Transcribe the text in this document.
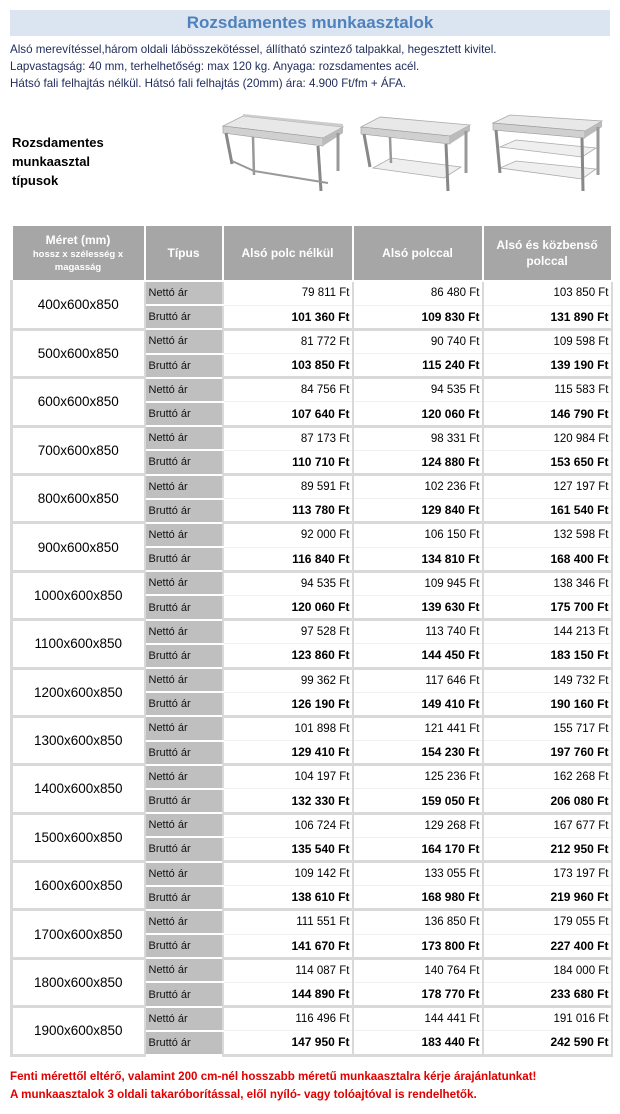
Rozsdamentes munkaasztalok
Alsó merevítéssel,három oldali lábösszekötéssel, állítható szintező talpakkal, hegesztett kivitel.
Lapvastagság: 40 mm, terhelhetőség: max 120 kg. Anyaga: rozsdamentes acél.
Hátsó fali felhajtás nélkül. Hátsó fali felhajtás (20mm) ára: 4.900 Ft/fm + ÁFA.
Rozsdamentes
munkaasztal
típusok
Méret (mm)
hossz x szélesség x magasság	Típus	Alsó polc nélkül	Alsó polccal	Alsó és közbenső polccal
400x600x850	Nettó ár	79 811 Ft	86 480 Ft	103 850 Ft
	Bruttó ár	101 360 Ft	109 830 Ft	131 890 Ft
500x600x850	Nettó ár	81 772 Ft	90 740 Ft	109 598 Ft
	Bruttó ár	103 850 Ft	115 240 Ft	139 190 Ft
600x600x850	Nettó ár	84 756 Ft	94 535 Ft	115 583 Ft
	Bruttó ár	107 640 Ft	120 060 Ft	146 790 Ft
700x600x850	Nettó ár	87 173 Ft	98 331 Ft	120 984 Ft
	Bruttó ár	110 710 Ft	124 880 Ft	153 650 Ft
800x600x850	Nettó ár	89 591 Ft	102 236 Ft	127 197 Ft
	Bruttó ár	113 780 Ft	129 840 Ft	161 540 Ft
900x600x850	Nettó ár	92 000 Ft	106 150 Ft	132 598 Ft
	Bruttó ár	116 840 Ft	134 810 Ft	168 400 Ft
1000x600x850	Nettó ár	94 535 Ft	109 945 Ft	138 346 Ft
	Bruttó ár	120 060 Ft	139 630 Ft	175 700 Ft
1100x600x850	Nettó ár	97 528 Ft	113 740 Ft	144 213 Ft
	Bruttó ár	123 860 Ft	144 450 Ft	183 150 Ft
1200x600x850	Nettó ár	99 362 Ft	117 646 Ft	149 732 Ft
	Bruttó ár	126 190 Ft	149 410 Ft	190 160 Ft
1300x600x850	Nettó ár	101 898 Ft	121 441 Ft	155 717 Ft
	Bruttó ár	129 410 Ft	154 230 Ft	197 760 Ft
1400x600x850	Nettó ár	104 197 Ft	125 236 Ft	162 268 Ft
	Bruttó ár	132 330 Ft	159 050 Ft	206 080 Ft
1500x600x850	Nettó ár	106 724 Ft	129 268 Ft	167 677 Ft
	Bruttó ár	135 540 Ft	164 170 Ft	212 950 Ft
1600x600x850	Nettó ár	109 142 Ft	133 055 Ft	173 197 Ft
	Bruttó ár	138 610 Ft	168 980 Ft	219 960 Ft
1700x600x850	Nettó ár	111 551 Ft	136 850 Ft	179 055 Ft
	Bruttó ár	141 670 Ft	173 800 Ft	227 400 Ft
1800x600x850	Nettó ár	114 087 Ft	140 764 Ft	184 000 Ft
	Bruttó ár	144 890 Ft	178 770 Ft	233 680 Ft
1900x600x850	Nettó ár	116 496 Ft	144 441 Ft	191 016 Ft
	Bruttó ár	147 950 Ft	183 440 Ft	242 590 Ft
Fenti mérettől eltérő, valamint 200 cm-nél hosszabb méretű munkaasztalra kérje árajánlatunkat!
A munkaasztalok 3 oldali takaróborítással, elől nyíló- vagy tolóajtóval is rendelhetők.
